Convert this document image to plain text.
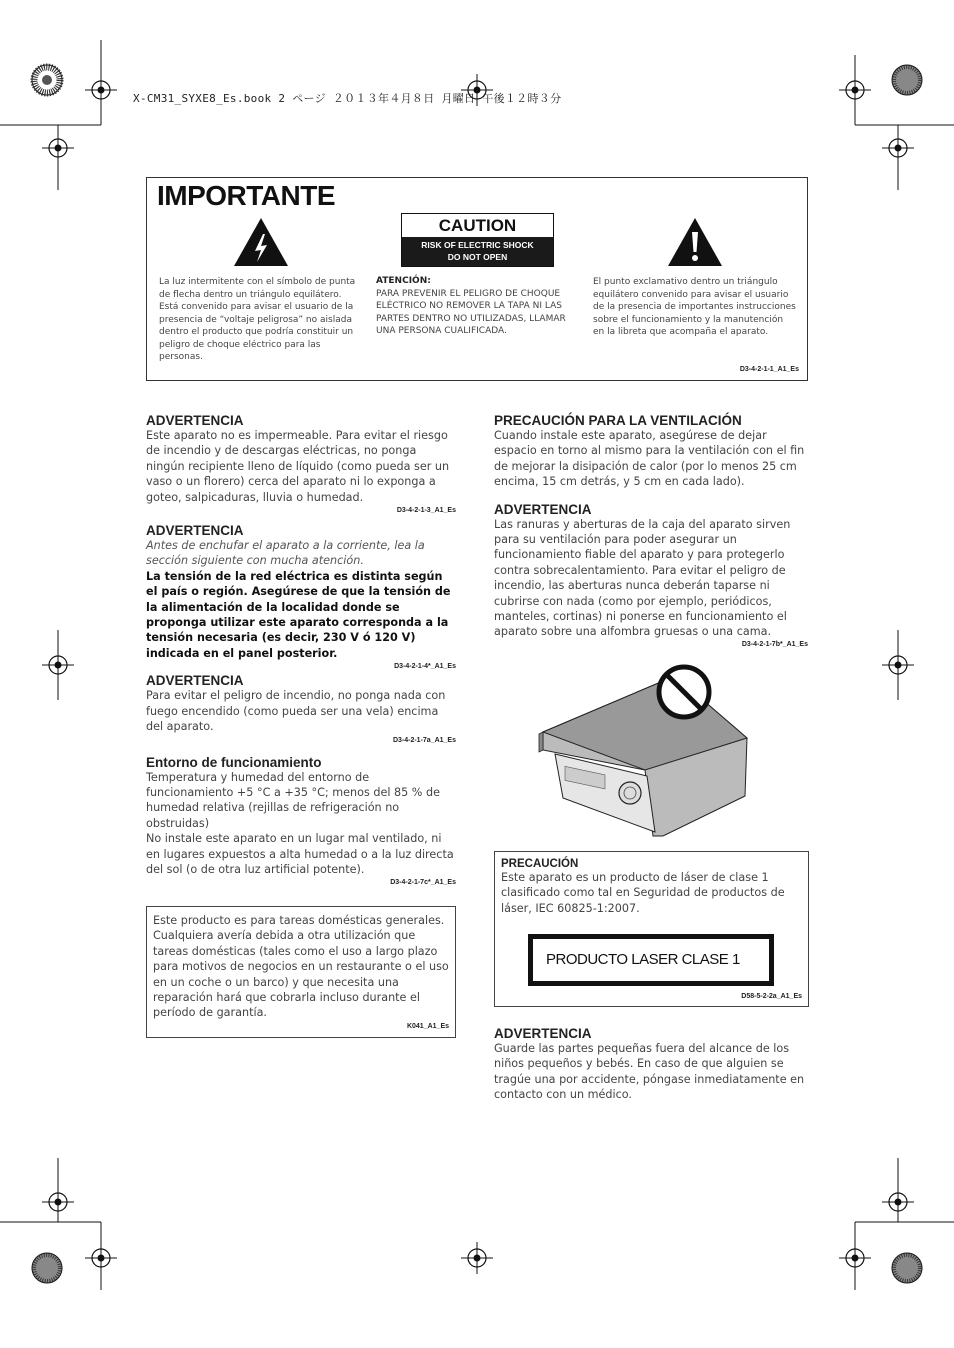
X-CM31_SYXE8_Es.book 2 ページ ２０１３年４月８日 月曜日 午後１２時３分
IMPORTANTE
CAUTION
RISK OF ELECTRIC SHOCK
DO NOT OPEN
La luz intermitente con el símbolo de punta de flecha dentro un triángulo equilátero. Está convenido para avisar el usuario de la presencia de “voltaje peligrosa” no aislada dentro el producto que podría constituir un peligro de choque eléctrico para las personas.
ATENCIÓN:
PARA PREVENIR EL PELIGRO DE CHOQUE ELÉCTRICO NO REMOVER LA TAPA NI LAS PARTES DENTRO NO UTILIZADAS, LLAMAR UNA PERSONA CUALIFICADA.
El punto exclamativo dentro un triángulo equilátero convenido para avisar el usuario de la presencia de importantes instrucciones sobre el funcionamiento y la manutención en la libreta que acompaña el aparato.
D3-4-2-1-1_A1_Es
ADVERTENCIA
Este aparato no es impermeable. Para evitar el riesgo de incendio y de descargas eléctricas, no ponga ningún recipiente lleno de líquido (como pueda ser un vaso o un florero) cerca del aparato ni lo exponga a goteo, salpicaduras, lluvia o humedad.
D3-4-2-1-3_A1_Es
ADVERTENCIA
Antes de enchufar el aparato a la corriente, lea la sección siguiente con mucha atención.
La tensión de la red eléctrica es distinta según el país o región. Asegúrese de que la tensión de la alimentación de la localidad donde se proponga utilizar este aparato corresponda a la tensión necesaria (es decir, 230 V ó 120 V) indicada en el panel posterior.
D3-4-2-1-4*_A1_Es
ADVERTENCIA
Para evitar el peligro de incendio, no ponga nada con fuego encendido (como pueda ser una vela) encima del aparato.
D3-4-2-1-7a_A1_Es
Entorno de funcionamiento
Temperatura y humedad del entorno de funcionamiento +5 °C a +35 °C; menos del 85 % de humedad relativa (rejillas de refrigeración no obstruidas)
No instale este aparato en un lugar mal ventilado, ni en lugares expuestos a alta humedad o a la luz directa del sol (o de otra luz artificial potente).
D3-4-2-1-7c*_A1_Es
Este producto es para tareas domésticas generales. Cualquiera avería debida a otra utilización que tareas domésticas (tales como el uso a largo plazo para motivos de negocios en un restaurante o el uso en un coche o un barco) y que necesita una reparación hará que cobrarla incluso durante el período de garantía.
K041_A1_Es
PRECAUCIÓN PARA LA VENTILACIÓN
Cuando instale este aparato, asegúrese de dejar espacio en torno al mismo para la ventilación con el fin de mejorar la disipación de calor (por lo menos 25 cm encima, 15 cm detrás, y 5 cm en cada lado).
ADVERTENCIA
Las ranuras y aberturas de la caja del aparato sirven para su ventilación para poder asegurar un funcionamiento fiable del aparato y para protegerlo contra sobrecalentamiento. Para evitar el peligro de incendio, las aberturas nunca deberán taparse ni cubrirse con nada (como por ejemplo, periódicos, manteles, cortinas) ni ponerse en funcionamiento el aparato sobre una alfombra gruesas o una cama.
D3-4-2-1-7b*_A1_Es
PRECAUCIÓN
Este aparato es un producto de láser de clase 1 clasificado como tal en Seguridad de productos de láser, IEC 60825-1:2007.
PRODUCTO LASER CLASE 1
D58-5-2-2a_A1_Es
ADVERTENCIA
Guarde las partes pequeñas fuera del alcance de los niños pequeños y bebés. En caso de que alguien se tragúe una por accidente, póngase inmediatamente en contacto con un médico.
